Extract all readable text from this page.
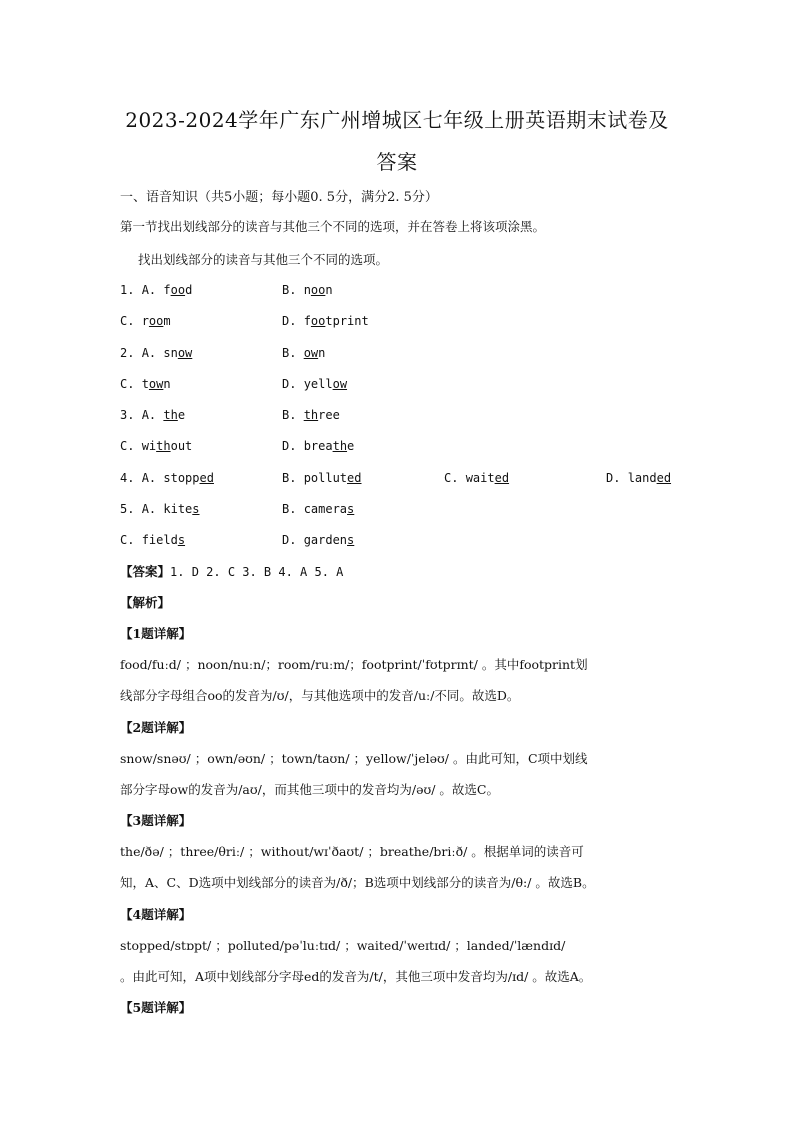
2023-2024学年广东广州增城区七年级上册英语期末试卷及
答案
一、语音知识（共5小题；每小题0. 5分，满分2. 5分）
第一节找出划线部分的读音与其他三个不同的选项，并在答卷上将该项涂黑。
找出划线部分的读音与其他三个不同的选项。
1. A. food	B. noon
C. room	D. footprint
2. A. snow	B. own
C. town	D. yellow
3. A. the	B. three
C. without	D. breathe
4. A. stopped	B. polluted	C. waited	D. landed
5. A. kites	B. cameras
C. fields	D. gardens
【答案】1. D 2. C 3. B 4. A 5. A
【解析】
【1题详解】
food/fuːd/ ；noon/nuːn/；room/ruːm/；footprint/ˈfʊtprɪnt/ 。其中footprint划
线部分字母组合oo的发音为/ʊ/，与其他选项中的发音/uː/不同。故选D。
【2题详解】
snow/snəʊ/ ；own/əʊn/ ；town/taʊn/ ；yellow/ˈjeləʊ/ 。由此可知，C项中划线
部分字母ow的发音为/aʊ/，而其他三项中的发音均为/əʊ/ 。故选C。
【3题详解】
the/ðə/ ；three/θriː/ ；without/wɪˈðaʊt/ ；breathe/briːð/ 。根据单词的读音可
知，A、C、D选项中划线部分的读音为/ð/；B选项中划线部分的读音为/θ:/ 。故选B。
【4题详解】
stopped/stɒpt/ ；polluted/pəˈluːtɪd/ ；waited/ˈweɪtɪd/ ；landed/ˈlændɪd/
。由此可知，A项中划线部分字母ed的发音为/t/，其他三项中发音均为/ɪd/ 。故选A。
【5题详解】
